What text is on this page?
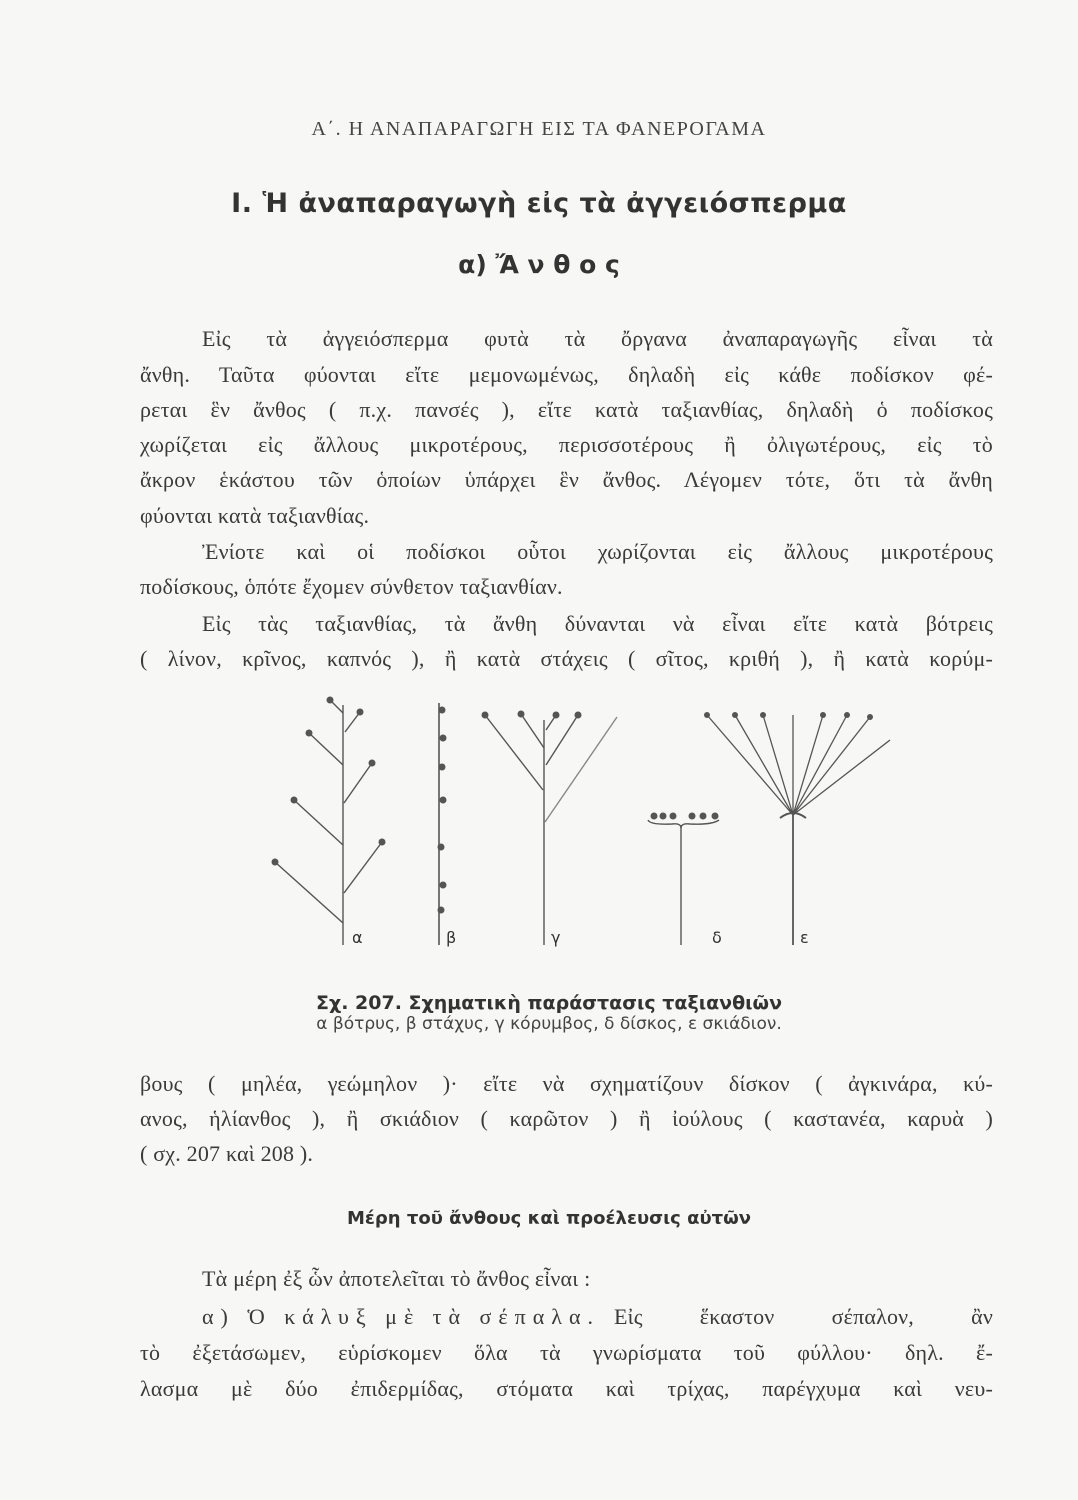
Α΄. Η ΑΝΑΠΑΡΑΓΩΓΗ ΕΙΣ ΤΑ ΦΑΝΕΡΟΓΑΜΑ
I. Ἡ ἀναπαραγωγὴ εἰς τὰ ἀγγειόσπερμα
α) Ἄ ν θ ο ς
Εἰς τὰ ἀγγειόσπερμα φυτὰ τὰ ὄργανα ἀναπαραγωγῆς εἶναι τὰ
ἄνθη. Ταῦτα φύονται εἴτε μεμονωμένως, δηλαδὴ εἰς κάθε ποδίσκον φέ-
ρεται ἓν ἄνθος ( π.χ. πανσές ), εἴτε κατὰ ταξιανθίας, δηλαδὴ ὁ ποδίσκος
χωρίζεται εἰς ἄλλους μικροτέρους, περισσοτέρους ἢ ὀλιγωτέρους, εἰς τὸ
ἄκρον ἑκάστου τῶν ὁποίων ὑπάρχει ἓν ἄνθος. Λέγομεν τότε, ὅτι τὰ ἄνθη
φύονται κατὰ ταξιανθίας.
Ἐνίοτε καὶ οἱ ποδίσκοι οὗτοι χωρίζονται εἰς ἄλλους μικροτέρους
ποδίσκους, ὁπότε ἔχομεν σύνθετον ταξιανθίαν.
Εἰς τὰς ταξιανθίας, τὰ ἄνθη δύνανται νὰ εἶναι εἴτε κατὰ βότρεις
( λίνον, κρῖνος, καπνός ), ἢ κατὰ στάχεις ( σῖτος, κριθή ), ἢ κατὰ κορύμ-
α	β	γ	δ	ε
Σχ. 207. Σχηματικὴ παράστασις ταξιανθιῶν
α βότρυς, β στάχυς, γ κόρυμβος, δ δίσκος, ε σκιάδιον.
βους ( μηλέα, γεώμηλον )· εἴτε νὰ σχηματίζουν δίσκον ( ἀγκινάρα, κύ-
ανος, ἡλίανθος ), ἢ σκιάδιον ( καρῶτον ) ἢ ἰούλους ( καστανέα, καρυὰ )
( σχ. 207 καὶ 208 ).
Μέρη τοῦ ἄνθους καὶ προέλευσις αὐτῶν
Τὰ μέρη ἐξ ὧν ἀποτελεῖται τὸ ἄνθος εἶναι :
α) Ὁ κάλυξ μὲ τὰ σέπαλα. Εἰς ἕκαστον σέπαλον, ἂν
τὸ ἐξετάσωμεν, εὑρίσκομεν ὅλα τὰ γνωρίσματα τοῦ φύλλου· δηλ. ἔ-
λασμα μὲ δύο ἐπιδερμίδας, στόματα καὶ τρίχας, παρέγχυμα καὶ νευ-
